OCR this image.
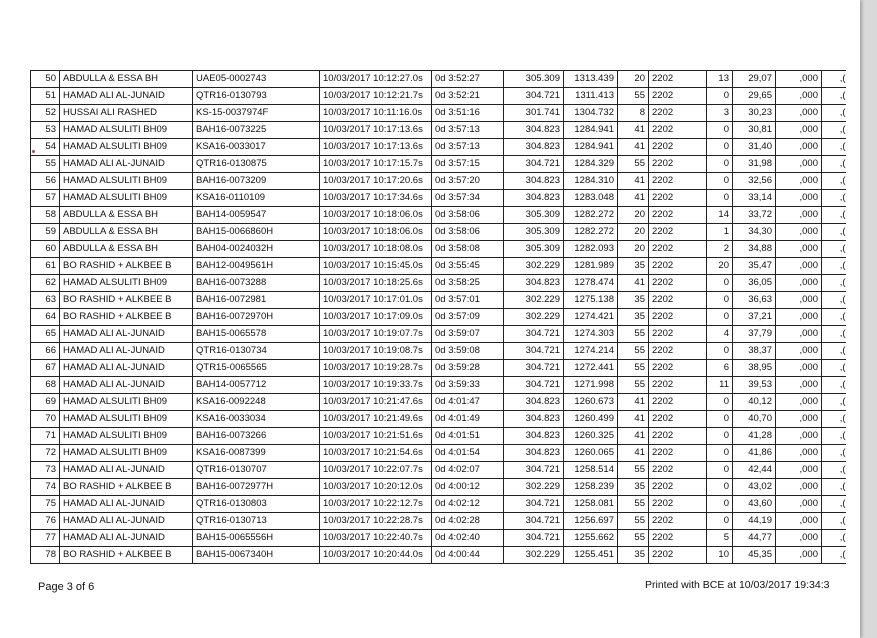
50	ABDULLA & ESSA BH	UAE05-0002743	10/03/2017 10:12:27.0s	0d 3:52:27	305.309	1313.439	20	2202	13	29,07	,000	,(
51	HAMAD ALI AL-JUNAID	QTR16-0130793	10/03/2017 10:12:21.7s	0d 3:52:21	304.721	1311.413	55	2202	0	29,65	,000	,(
52	HUSSAI ALI RASHED	KS-15-0037974F	10/03/2017 10:11:16.0s	0d 3:51:16	301.741	1304.732	8	2202	3	30,23	,000	,(
53	HAMAD ALSULITI BH09	BAH16-0073225	10/03/2017 10:17:13.6s	0d 3:57:13	304.823	1284.941	41	2202	0	30,81	,000	,(
54	HAMAD ALSULITI BH09	KSA16-0033017	10/03/2017 10:17:13.6s	0d 3:57:13	304.823	1284.941	41	2202	0	31,40	,000	,(
55	HAMAD ALI AL-JUNAID	QTR16-0130875	10/03/2017 10:17:15.7s	0d 3:57:15	304.721	1284.329	55	2202	0	31,98	,000	,(
56	HAMAD ALSULITI BH09	BAH16-0073209	10/03/2017 10:17:20.6s	0d 3:57:20	304.823	1284.310	41	2202	0	32,56	,000	,(
57	HAMAD ALSULITI BH09	KSA16-0110109	10/03/2017 10:17:34.6s	0d 3:57:34	304.823	1283.048	41	2202	0	33,14	,000	,(
58	ABDULLA & ESSA BH	BAH14-0059547	10/03/2017 10:18:06.0s	0d 3:58:06	305.309	1282.272	20	2202	14	33,72	,000	,(
59	ABDULLA & ESSA BH	BAH15-0066860H	10/03/2017 10:18:06.0s	0d 3:58:06	305.309	1282.272	20	2202	1	34,30	,000	,(
60	ABDULLA & ESSA BH	BAH04-0024032H	10/03/2017 10:18:08.0s	0d 3:58:08	305.309	1282.093	20	2202	2	34,88	,000	,(
61	BO RASHID + ALKBEE B	BAH12-0049561H	10/03/2017 10:15:45.0s	0d 3:55:45	302.229	1281.989	35	2202	20	35,47	,000	,(
62	HAMAD ALSULITI BH09	BAH16-0073288	10/03/2017 10:18:25.6s	0d 3:58:25	304.823	1278.474	41	2202	0	36,05	,000	,(
63	BO RASHID + ALKBEE B	BAH16-0072981	10/03/2017 10:17:01.0s	0d 3:57:01	302.229	1275.138	35	2202	0	36,63	,000	,(
64	BO RASHID + ALKBEE B	BAH16-0072970H	10/03/2017 10:17:09.0s	0d 3:57:09	302.229	1274.421	35	2202	0	37,21	,000	,(
65	HAMAD ALI AL-JUNAID	BAH15-0065578	10/03/2017 10:19:07.7s	0d 3:59:07	304.721	1274.303	55	2202	4	37,79	,000	,(
66	HAMAD ALI AL-JUNAID	QTR16-0130734	10/03/2017 10:19:08.7s	0d 3:59:08	304.721	1274.214	55	2202	0	38,37	,000	,(
67	HAMAD ALI AL-JUNAID	QTR15-0065565	10/03/2017 10:19:28.7s	0d 3:59:28	304.721	1272.441	55	2202	6	38,95	,000	,(
68	HAMAD ALI AL-JUNAID	BAH14-0057712	10/03/2017 10:19:33.7s	0d 3:59:33	304.721	1271.998	55	2202	11	39,53	,000	,(
69	HAMAD ALSULITI BH09	KSA16-0092248	10/03/2017 10:21:47.6s	0d 4:01:47	304.823	1260.673	41	2202	0	40,12	,000	,(
70	HAMAD ALSULITI BH09	KSA16-0033034	10/03/2017 10:21:49.6s	0d 4:01:49	304.823	1260.499	41	2202	0	40,70	,000	,(
71	HAMAD ALSULITI BH09	BAH16-0073266	10/03/2017 10:21:51.6s	0d 4:01:51	304.823	1260.325	41	2202	0	41,28	,000	,(
72	HAMAD ALSULITI BH09	KSA16-0087399	10/03/2017 10:21:54.6s	0d 4:01:54	304.823	1260.065	41	2202	0	41,86	,000	,(
73	HAMAD ALI AL-JUNAID	QTR16-0130707	10/03/2017 10:22:07.7s	0d 4:02:07	304.721	1258.514	55	2202	0	42,44	,000	,(
74	BO RASHID + ALKBEE B	BAH16-0072977H	10/03/2017 10:20:12.0s	0d 4:00:12	302.229	1258.239	35	2202	0	43,02	,000	,(
75	HAMAD ALI AL-JUNAID	QTR16-0130803	10/03/2017 10:22:12.7s	0d 4:02:12	304.721	1258.081	55	2202	0	43,60	,000	,(
76	HAMAD ALI AL-JUNAID	QTR16-0130713	10/03/2017 10:22:28.7s	0d 4:02:28	304.721	1256.697	55	2202	0	44,19	,000	,(
77	HAMAD ALI AL-JUNAID	BAH15-0065556H	10/03/2017 10:22:40.7s	0d 4:02:40	304.721	1255.662	55	2202	5	44,77	,000	,(
78	BO RASHID + ALKBEE B	BAH15-0067340H	10/03/2017 10:20:44.0s	0d 4:00:44	302.229	1255.451	35	2202	10	45,35	,000	,(
Page 3 of 6	Printed with BCE at 10/03/2017 19:34:3
